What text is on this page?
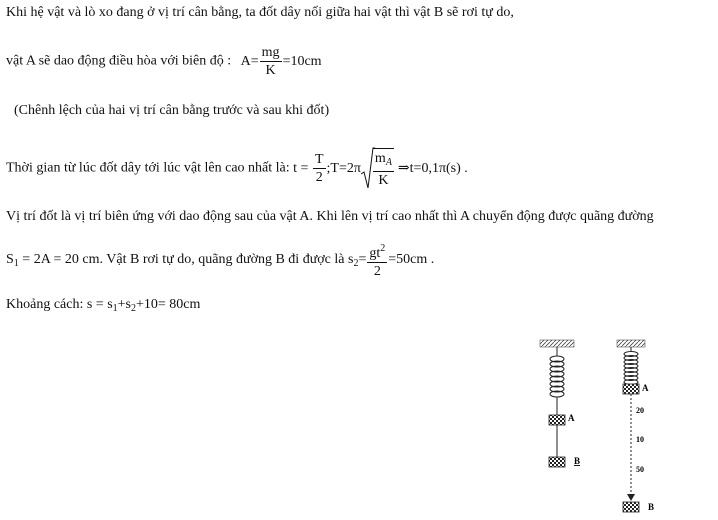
Khi hệ vật và lò xo đang ở vị trí cân bằng, ta đốt dây nối giữa hai vật thì vật B sẽ rơi tự do,
vật A sẽ dao động điều hòa với biên độ : $A= \frac{mg}{K} =10cm$
(Chênh lệch của hai vị trí cân bằng trước và sau khi đốt)
Thời gian từ lúc đốt dây tới lúc vật lên cao nhất là: $t = \frac{T}{2}$ ;T=2π $\frac{m_A}{K}$ ⇒t=0,1π(s) .
Vị trí đốt là vị trí biên ứng với dao động sau của vật A. Khi lên vị trí cao nhất thì A chuyển động được quãng đường
$S_1 = 2A = 20$ cm. Vật B rơi tự do, quãng đường B đi được là $s_2= \frac{gt^2}{2} =50cm$ .
Khoảng cách: $s = s_1+s_2+10= 80cm$
A
B
A
20
10
50
B
